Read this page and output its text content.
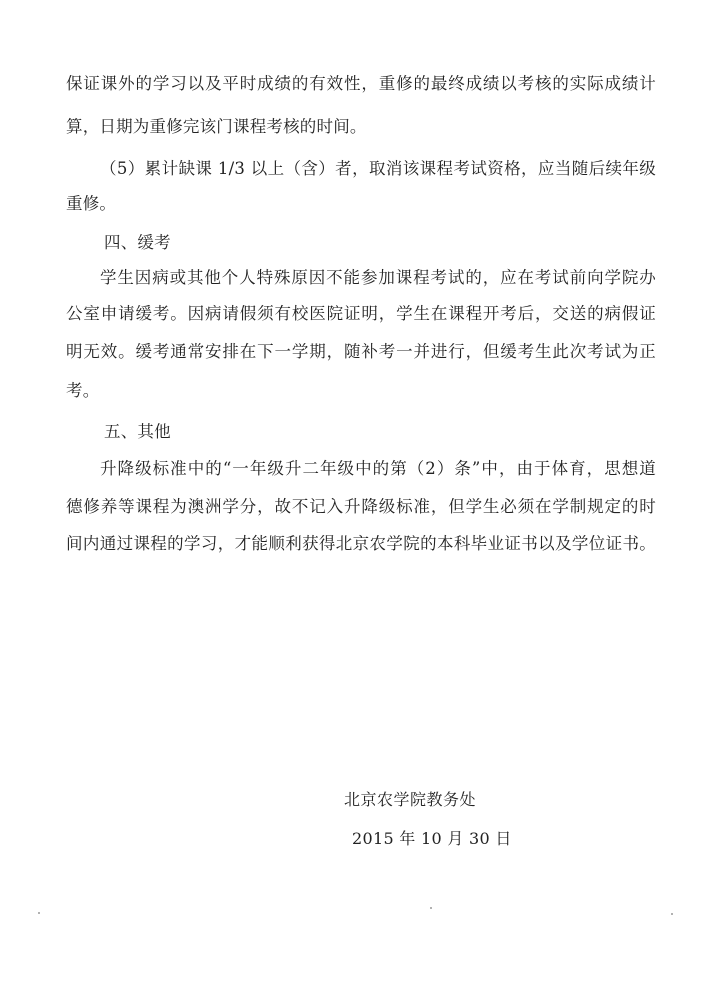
保证课外的学习以及平时成绩的有效性，重修的最终成绩以考核的实际成绩计
算，日期为重修完该门课程考核的时间。
（5）累计缺课 1/3 以上（含）者，取消该课程考试资格，应当随后续年级
重修。
四、缓考
学生因病或其他个人特殊原因不能参加课程考试的，应在考试前向学院办
公室申请缓考。因病请假须有校医院证明，学生在课程开考后，交送的病假证
明无效。缓考通常安排在下一学期，随补考一并进行，但缓考生此次考试为正
考。
五、其他
升降级标准中的“一年级升二年级中的第（2）条”中，由于体育，思想道
德修养等课程为澳洲学分，故不记入升降级标准，但学生必须在学制规定的时
间内通过课程的学习，才能顺利获得北京农学院的本科毕业证书以及学位证书。
北京农学院教务处
2015 年 10 月 30 日
